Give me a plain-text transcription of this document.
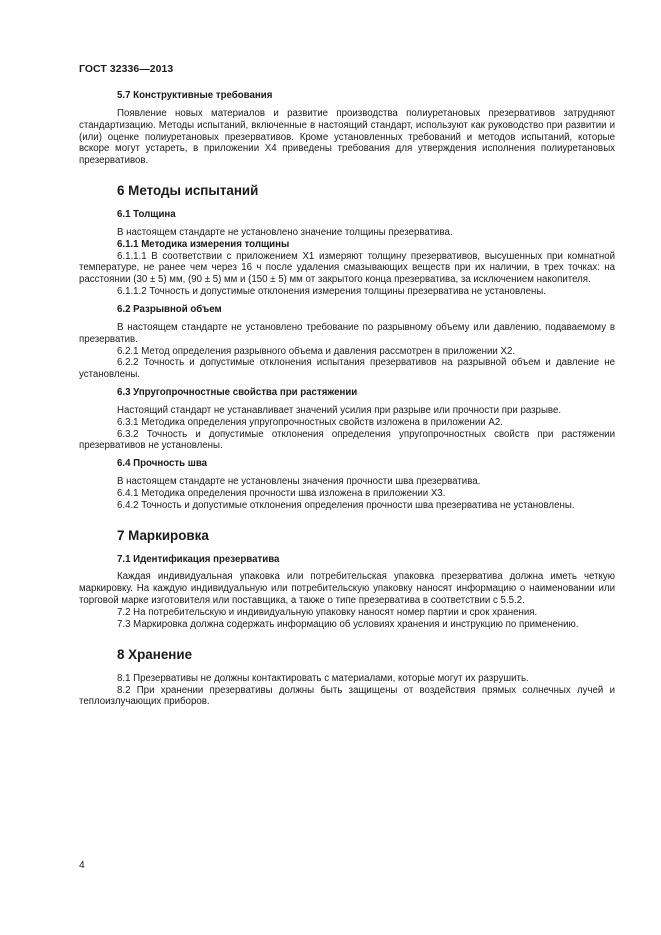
ГОСТ 32336—2013

5.7 Конструктивные требования

Появление новых материалов и развитие производства полиуретановых презервативов затрудняют стандартизацию. Методы испытаний, включенные в настоящий стандарт, используют как руководство при развитии и (или) оценке полиуретановых презервативов. Кроме установленных требований и методов испытаний, которые вскоре могут устареть, в приложении Х4 приведены требования для утверждения исполнения полиуретановых презервативов.

6 Методы испытаний

6.1 Толщина

В настоящем стандарте не установлено значение толщины презерватива.

6.1.1 Методика измерения толщины

6.1.1.1 В соответствии с приложением Х1 измеряют толщину презервативов, высушенных при комнатной температуре, не ранее чем через 16 ч после удаления смазывающих веществ при их наличии, в трех точках: на расстоянии (30 ± 5) мм, (90 ± 5) мм и (150 ± 5) мм от закрытого конца презерватива, за исключением накопителя.

6.1.1.2 Точность и допустимые отклонения измерения толщины презерватива не установлены.

6.2 Разрывной объем

В настоящем стандарте не установлено требование по разрывному объему или давлению, подаваемому в презерватив.

6.2.1 Метод определения разрывного объема и давления рассмотрен в приложении Х2.

6.2.2 Точность и допустимые отклонения испытания презервативов на разрывной объем и давление не установлены.

6.3 Упругопрочностные свойства при растяжении

Настоящий стандарт не устанавливает значений усилия при разрыве или прочности при разрыве.

6.3.1 Методика определения упругопрочностных свойств изложена в приложении А2.

6.3.2 Точность и допустимые отклонения определения упругопрочностных свойств при растяжении презервативов не установлены.

6.4 Прочность шва

В настоящем стандарте не установлены значения прочности шва презерватива.

6.4.1 Методика определения прочности шва изложена в приложении Х3.

6.4.2 Точность и допустимые отклонения определения прочности шва презерватива не установлены.

7 Маркировка

7.1 Идентификация презерватива

Каждая индивидуальная упаковка или потребительская упаковка презерватива должна иметь четкую маркировку. На каждую индивидуальную или потребительскую упаковку наносят информацию о наименовании или торговой марке изготовителя или поставщика, а также о типе презерватива в соответствии с 5.5.2.

7.2 На потребительскую и индивидуальную упаковку наносят номер партии и срок хранения.

7.3 Маркировка должна содержать информацию об условиях хранения и инструкцию по применению.

8 Хранение

8.1 Презервативы не должны контактировать с материалами, которые могут их разрушить.

8.2 При хранении презервативы должны быть защищены от воздействия прямых солнечных лучей и теплоизлучающих приборов.

4
